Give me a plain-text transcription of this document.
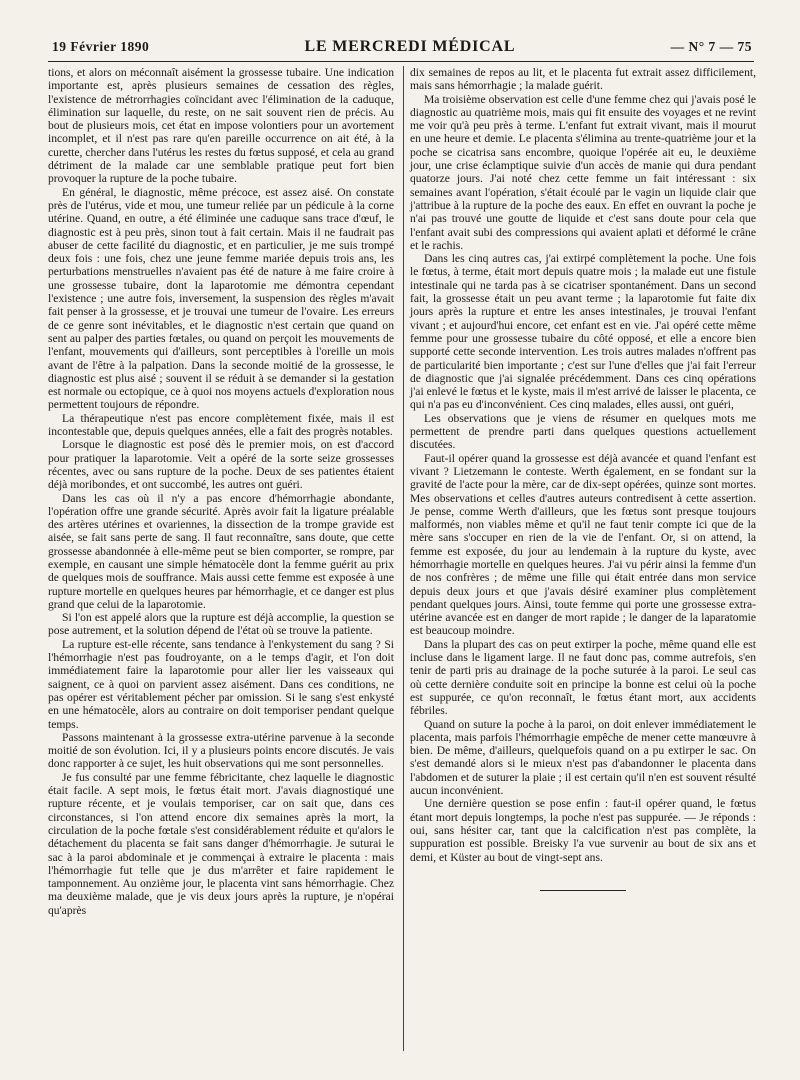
19 Février 1890	LE MERCREDI MÉDICAL	— N° 7 — 75

tions, et alors on méconnaît aisément la grossesse tubaire. Une indication importante est, après plusieurs semaines de cessation des règles, l'existence de métrorrhagies coïncidant avec l'élimination de la caduque, élimination sur laquelle, du reste, on ne sait souvent rien de précis. Au bout de plusieurs mois, cet état en impose volontiers pour un avortement incomplet, et il n'est pas rare qu'en pareille occurrence on ait été, à la curette, chercher dans l'utérus les restes du fœtus supposé, et cela au grand détriment de la malade car une semblable pratique peut fort bien provoquer la rupture de la poche tubaire.

En général, le diagnostic, même précoce, est assez aisé. On constate près de l'utérus, vide et mou, une tumeur reliée par un pédicule à la corne utérine. Quand, en outre, a été éliminée une caduque sans trace d'œuf, le diagnostic est à peu près, sinon tout à fait certain. Mais il ne faudrait pas abuser de cette facilité du diagnostic, et en particulier, je me suis trompé deux fois : une fois, chez une jeune femme mariée depuis trois ans, les perturbations menstruelles n'avaient pas été de nature à me faire croire à une grossesse tubaire, dont la laparotomie me démontra cependant l'existence ; une autre fois, inversement, la suspension des règles m'avait fait penser à la grossesse, et je trouvai une tumeur de l'ovaire. Les erreurs de ce genre sont inévitables, et le diagnostic n'est certain que quand on sent au palper des parties fœtales, ou quand on perçoit les mouvements de l'enfant, mouvements qui d'ailleurs, sont perceptibles à l'oreille un mois avant de l'être à la palpation. Dans la seconde moitié de la grossesse, le diagnostic est plus aisé ; souvent il se réduit à se demander si la gestation est normale ou ectopique, ce à quoi nos moyens actuels d'exploration nous permettent toujours de répondre.

La thérapeutique n'est pas encore complètement fixée, mais il est incontestable que, depuis quelques années, elle a fait des progrès notables.

Lorsque le diagnostic est posé dès le premier mois, on est d'accord pour pratiquer la laparotomie. Veit a opéré de la sorte seize grossesses récentes, avec ou sans rupture de la poche. Deux de ses patientes étaient déjà moribondes, et ont succombé, les autres ont guéri.

Dans les cas où il n'y a pas encore d'hémorrhagie abondante, l'opération offre une grande sécurité. Après avoir fait la ligature préalable des artères utérines et ovariennes, la dissection de la trompe gravide est aisée, se fait sans perte de sang. Il faut reconnaître, sans doute, que cette grossesse abandonnée à elle-même peut se bien comporter, se rompre, par exemple, en causant une simple hématocèle dont la femme guérit au prix de quelques mois de souffrance. Mais aussi cette femme est exposée à une rupture mortelle en quelques heures par hémorrhagie, et ce danger est plus grand que celui de la laparotomie.

Si l'on est appelé alors que la rupture est déjà accomplie, la question se pose autrement, et la solution dépend de l'état où se trouve la patiente.

La rupture est-elle récente, sans tendance à l'enkystement du sang ? Si l'hémorrhagie n'est pas foudroyante, on a le temps d'agir, et l'on doit immédiatement faire la laparotomie pour aller lier les vaisseaux qui saignent, ce à quoi on parvient assez aisément. Dans ces conditions, ne pas opérer est véritablement pécher par omission. Si le sang s'est enkysté en une hématocèle, alors au contraire on doit temporiser pendant quelque temps.

Passons maintenant à la grossesse extra-utérine parvenue à la seconde moitié de son évolution. Ici, il y a plusieurs points encore discutés. Je vais donc rapporter à ce sujet, les huit observations qui me sont personnelles.

Je fus consulté par une femme fébricitante, chez laquelle le diagnostic était facile. A sept mois, le fœtus était mort. J'avais diagnostiqué une rupture récente, et je voulais temporiser, car on sait que, dans ces circonstances, si l'on attend encore dix semaines après la mort, la circulation de la poche fœtale s'est considérablement réduite et qu'alors le détachement du placenta se fait sans danger d'hémorrhagie. Je suturai le sac à la paroi abdominale et je commençai à extraire le placenta : mais l'hémorrhagie fut telle que je dus m'arrêter et faire rapidement le tamponnement. Au onzième jour, le placenta vint sans hémorrhagie. Chez ma deuxième malade, que je vis deux jours après la rupture, je n'opérai qu'après

dix semaines de repos au lit, et le placenta fut extrait assez difficilement, mais sans hémorrhagie ; la malade guérit.

Ma troisième observation est celle d'une femme chez qui j'avais posé le diagnostic au quatrième mois, mais qui fit ensuite des voyages et ne revint me voir qu'à peu près à terme. L'enfant fut extrait vivant, mais il mourut en une heure et demie. Le placenta s'élimina au trente-quatrième jour et la poche se cicatrisa sans encombre, quoique l'opérée ait eu, le deuxième jour, une crise éclamptique suivie d'un accès de manie qui dura pendant quatorze jours. J'ai noté chez cette femme un fait intéressant : six semaines avant l'opération, s'était écoulé par le vagin un liquide clair que j'attribue à la rupture de la poche des eaux. En effet en ouvrant la poche je n'ai pas trouvé une goutte de liquide et c'est sans doute pour cela que l'enfant avait subi des compressions qui avaient aplati et déformé le crâne et le rachis.

Dans les cinq autres cas, j'ai extirpé complètement la poche. Une fois le fœtus, à terme, était mort depuis quatre mois ; la malade eut une fistule intestinale qui ne tarda pas à se cicatriser spontanément. Dans un second fait, la grossesse était un peu avant terme ; la laparotomie fut faite dix jours après la rupture et entre les anses intestinales, je trouvai l'enfant vivant ; et aujourd'hui encore, cet enfant est en vie. J'ai opéré cette même femme pour une grossesse tubaire du côté opposé, et elle a encore bien supporté cette seconde intervention. Les trois autres malades n'offrent pas de particularité bien importante ; c'est sur l'une d'elles que j'ai fait l'erreur de diagnostic que j'ai signalée précédemment. Dans ces cinq opérations j'ai enlevé le fœtus et le kyste, mais il m'est arrivé de laisser le placenta, ce qui n'a pas eu d'inconvénient. Ces cinq malades, elles aussi, ont guéri,

Les observations que je viens de résumer en quelques mots me permettent de prendre parti dans quelques questions actuellement discutées.

Faut-il opérer quand la grossesse est déjà avancée et quand l'enfant est vivant ? Lietzemann le conteste. Werth également, en se fondant sur la gravité de l'acte pour la mère, car de dix-sept opérées, quinze sont mortes. Mes observations et celles d'autres auteurs contredisent à cette assertion. Je pense, comme Werth d'ailleurs, que les fœtus sont presque toujours malformés, non viables même et qu'il ne faut tenir compte ici que de la mère sans s'occuper en rien de la vie de l'enfant. Or, si on attend, la femme est exposée, du jour au lendemain à la rupture du kyste, avec hémorrhagie mortelle en quelques heures. J'ai vu périr ainsi la femme d'un de nos confrères ; de même une fille qui était entrée dans mon service depuis deux jours et que j'avais désiré examiner plus complètement pendant quelques jours. Ainsi, toute femme qui porte une grossesse extra-utérine avancée est en danger de mort rapide ; le danger de la laparatomie est beaucoup moindre.

Dans la plupart des cas on peut extirper la poche, même quand elle est incluse dans le ligament large. Il ne faut donc pas, comme autrefois, s'en tenir de parti pris au drainage de la poche suturée à la paroi. Le seul cas où cette dernière conduite soit en principe la bonne est celui où la poche est suppurée, ce qu'on reconnaît, le fœtus étant mort, aux accidents fébriles.

Quand on suture la poche à la paroi, on doit enlever immédiatement le placenta, mais parfois l'hémorrhagie empêche de mener cette manœuvre à bien. De même, d'ailleurs, quelquefois quand on a pu extirper le sac. On s'est demandé alors si le mieux n'est pas d'abandonner le placenta dans l'abdomen et de suturer la plaie ; il est certain qu'il n'en est souvent résulté aucun inconvénient.

Une dernière question se pose enfin : faut-il opérer quand, le fœtus étant mort depuis longtemps, la poche n'est pas suppurée. — Je réponds : oui, sans hésiter car, tant que la calcification n'est pas complète, la suppuration est possible. Breisky l'a vue survenir au bout de six ans et demi, et Küster au bout de vingt-sept ans.
